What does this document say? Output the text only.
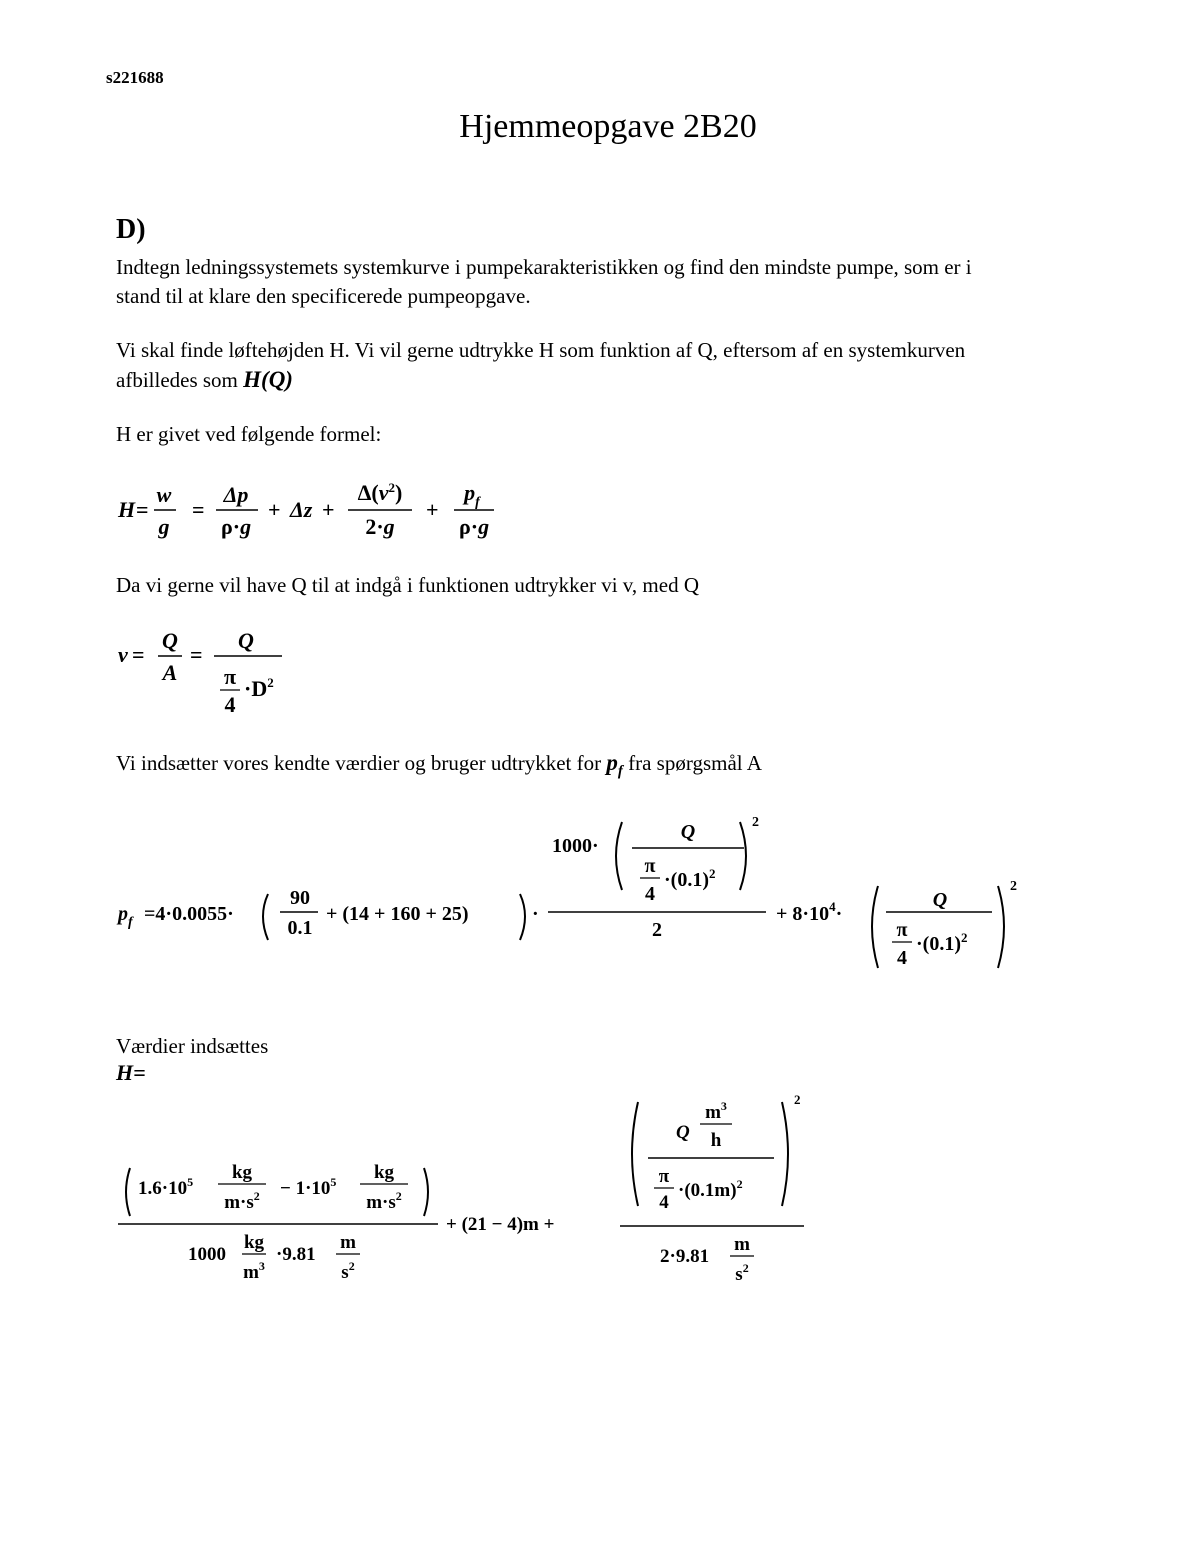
s221688
Hjemmeopgave 2B20
D)
Indtegn ledningssystemets systemkurve i pumpekarakteristikken og find den mindste pumpe, som er i
stand til at klare den specificerede pumpeopgave.
Vi skal finde løftehøjden H. Vi vil gerne udtrykke H som funktion af Q, eftersom af en systemkurven
afbilledes som H(Q)
H er givet ved følgende formel:
H =
w
g
=
Δp
ρ·g
+ Δz +
$\Delta(v^2)$
2·g
+
$p_f$
ρ·g
Da vi gerne vil have Q til at indgå i funktionen udtrykker vi v, med Q
v =
Q
A
=
Q
π
4
$\cdot D^2$
Vi indsætter vores kendte værdier og bruger udtrykket for $p_f$ fra spørgsmål A
$p_f =4\cdot 0.0055\cdot$
90
0.1
+ (14 + 160 + 25)	·
1000·
Q
π
4
$\cdot(0.1)^2$
2
2
+ $8\cdot 10^4\cdot$
Q
π
4
$\cdot(0.1)^2$
2
Værdier indsættes
H=
$1.6\cdot 10^5$ kg
$m\cdot s^2 - 1\cdot 10^5$ kg
$m\cdot s^2$
1000
kg
$m^3$
·9.81
m
$s^2$
+ (21 − 4)m +
Q
$m^3$
h
π
4
$\cdot(0.1m)^2$
2
2·9.81
m
$s^2$
